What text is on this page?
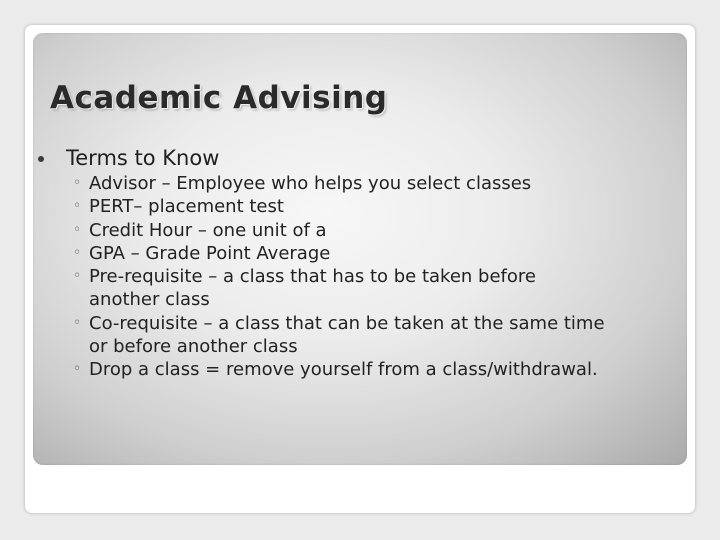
Academic Advising
Terms to Know
◦ Advisor – Employee who helps you select classes
◦ PERT– placement test
◦ Credit Hour – one unit of a
◦ GPA – Grade Point Average
◦ Pre-requisite – a class that has to be taken before
another class
◦ Co-requisite – a class that can be taken at the same time
or before another class
◦ Drop a class = remove yourself from a class/withdrawal.
